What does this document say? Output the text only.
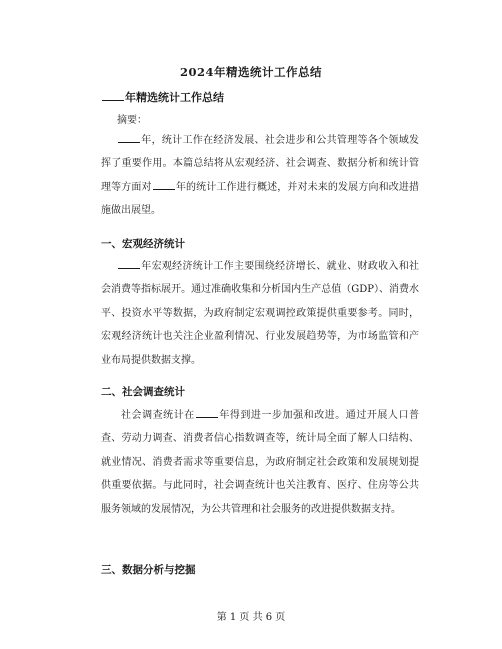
2024年精选统计工作总结
年精选统计工作总结
摘要：

年，统计工作在经济发展、社会进步和公共管理等各个领域发挥了重要作用。本篇总结将从宏观经济、社会调查、数据分析和统计管理等方面对 年的统计工作进行概述，并对未来的发展方向和改进措施做出展望。

一、宏观经济统计

年宏观经济统计工作主要围绕经济增长、就业、财政收入和社会消费等指标展开。通过准确收集和分析国内生产总值（GDP）、消费水平、投资水平等数据，为政府制定宏观调控政策提供重要参考。同时，宏观经济统计也关注企业盈利情况、行业发展趋势等，为市场监管和产业布局提供数据支撑。

二、社会调查统计

社会调查统计在 年得到进一步加强和改进。通过开展人口普查、劳动力调查、消费者信心指数调查等，统计局全面了解人口结构、就业情况、消费者需求等重要信息，为政府制定社会政策和发展规划提供重要依据。与此同时，社会调查统计也关注教育、医疗、住房等公共服务领域的发展情况，为公共管理和社会服务的改进提供数据支持。

三、数据分析与挖掘
第 1 页 共 6 页
